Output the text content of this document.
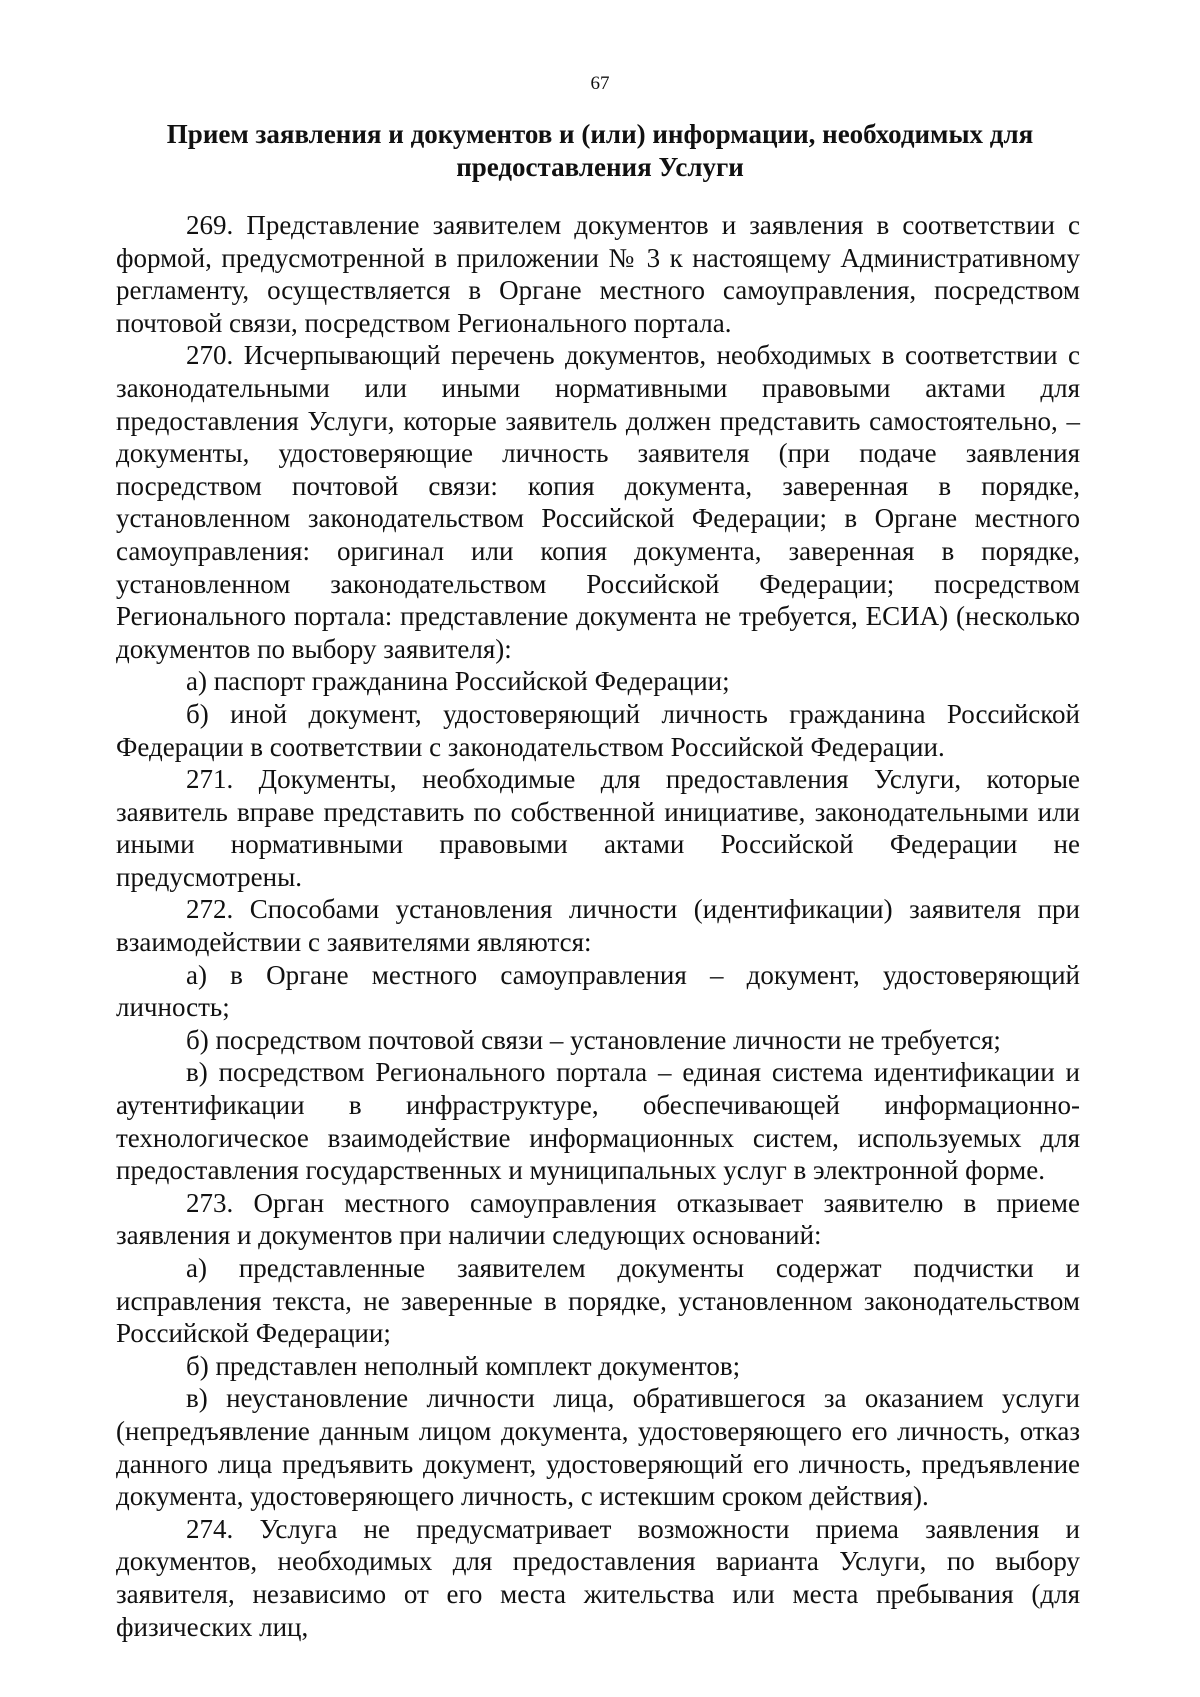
67
Прием заявления и документов и (или) информации, необходимых для
предоставления Услуги

269. Представление заявителем документов и заявления в соответствии с формой, предусмотренной в приложении № 3 к настоящему Административному регламенту, осуществляется в Органе местного самоуправления, посредством почтовой связи, посредством Регионального портала.

270. Исчерпывающий перечень документов, необходимых в соответствии с законодательными или иными нормативными правовыми актами для предоставления Услуги, которые заявитель должен представить самостоятельно, – документы, удостоверяющие личность заявителя (при подаче заявления посредством почтовой связи: копия документа, заверенная в порядке, установленном законодательством Российской Федерации; в Органе местного самоуправления: оригинал или копия документа, заверенная в порядке, установленном законодательством Российской Федерации; посредством Регионального портала: представление документа не требуется, ЕСИА) (несколько документов по выбору заявителя):

а) паспорт гражданина Российской Федерации;

б) иной документ, удостоверяющий личность гражданина Российской Федерации в соответствии с законодательством Российской Федерации.

271. Документы, необходимые для предоставления Услуги, которые заявитель вправе представить по собственной инициативе, законодательными или иными нормативными правовыми актами Российской Федерации не предусмотрены.

272. Способами установления личности (идентификации) заявителя при взаимодействии с заявителями являются:

а) в Органе местного самоуправления – документ, удостоверяющий личность;

б) посредством почтовой связи – установление личности не требуется;

в) посредством Регионального портала – единая система идентификации и аутентификации в инфраструктуре, обеспечивающей информационно-технологическое взаимодействие информационных систем, используемых для предоставления государственных и муниципальных услуг в электронной форме.

273. Орган местного самоуправления отказывает заявителю в приеме заявления и документов при наличии следующих оснований:

а) представленные заявителем документы содержат подчистки и исправления текста, не заверенные в порядке, установленном законодательством Российской Федерации;

б) представлен неполный комплект документов;

в) неустановление личности лица, обратившегося за оказанием услуги (непредъявление данным лицом документа, удостоверяющего его личность, отказ данного лица предъявить документ, удостоверяющий его личность, предъявление документа, удостоверяющего личность, с истекшим сроком действия).

274. Услуга не предусматривает возможности приема заявления и документов, необходимых для предоставления варианта Услуги, по выбору заявителя, независимо от его места жительства или места пребывания (для физических лиц,
